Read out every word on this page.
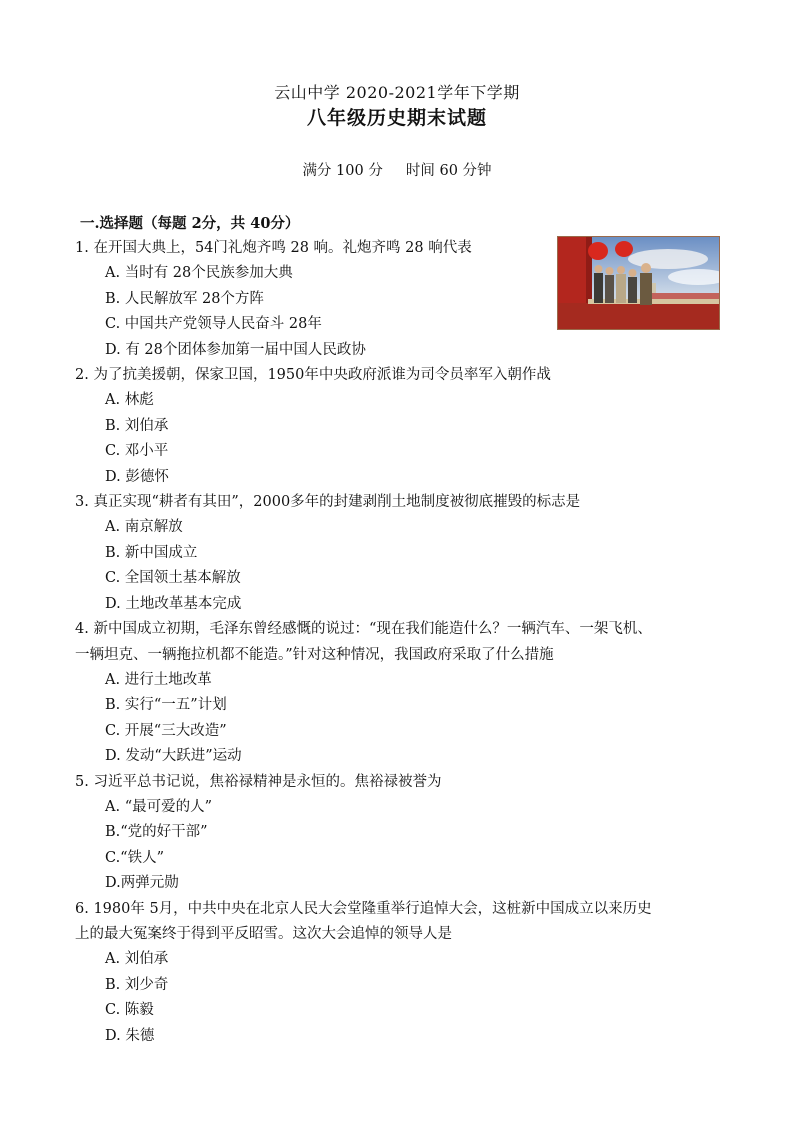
云山中学 2020-2021学年下学期
八年级历史期末试题
满分 100 分     时间 60 分钟
一.选择题（每题 2分，共 40分）

1. 在开国大典上，54门礼炮齐鸣 28 响。礼炮齐鸣 28 响代表

A. 当时有 28个民族参加大典

B. 人民解放军 28个方阵

C. 中国共产党领导人民奋斗 28年

D. 有 28个团体参加第一届中国人民政协

2. 为了抗美援朝，保家卫国，1950年中央政府派谁为司令员率军入朝作战

A. 林彪

B. 刘伯承

C. 邓小平

D. 彭德怀

3. 真正实现“耕者有其田”，2000多年的封建剥削土地制度被彻底摧毁的标志是

A. 南京解放

B. 新中国成立

C. 全国领土基本解放

D. 土地改革基本完成

4. 新中国成立初期，毛泽东曾经感慨的说过：“现在我们能造什么？一辆汽车、一架飞机、

一辆坦克、一辆拖拉机都不能造。”针对这种情况，我国政府采取了什么措施

A. 进行土地改革

B. 实行“一五”计划

C. 开展“三大改造”

D. 发动“大跃进”运动

5. 习近平总书记说，焦裕禄精神是永恒的。焦裕禄被誉为

A. “最可爱的人”

B.“党的好干部”

C.“铁人”

D.两弹元勋

6. 1980年 5月，中共中央在北京人民大会堂隆重举行追悼大会，这桩新中国成立以来历史

上的最大冤案终于得到平反昭雪。这次大会追悼的领导人是

A. 刘伯承

B. 刘少奇

C. 陈毅

D. 朱德
